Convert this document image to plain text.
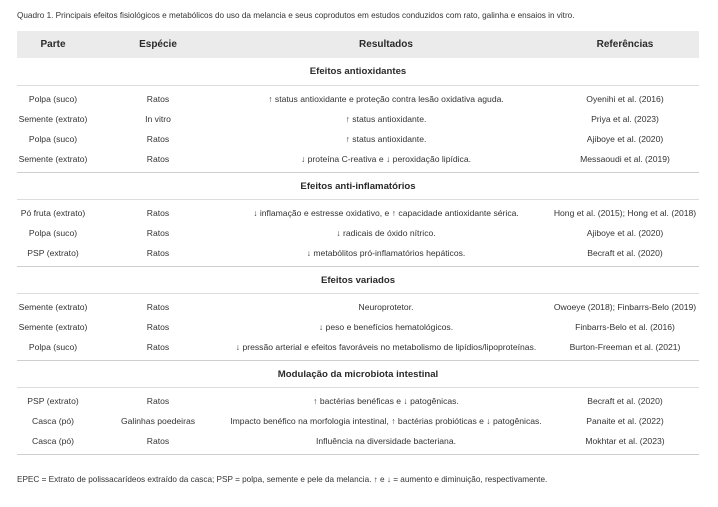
Quadro 1. Principais efeitos fisiológicos e metabólicos do uso da melancia e seus coprodutos em estudos conduzidos com rato, galinha e ensaios in vitro.
Parte	Espécie	Resultados	Referências
Efeitos antioxidantes
Polpa (suco)	Ratos	↑ status antioxidante e proteção contra lesão oxidativa aguda.	Oyenihi et al. (2016)
Semente (extrato)	In vitro	↑ status antioxidante.	Priya et al. (2023)
Polpa (suco)	Ratos	↑ status antioxidante.	Ajiboye et al. (2020)
Semente (extrato)	Ratos	↓ proteína C-reativa e ↓ peroxidação lipídica.	Messaoudi et al. (2019)
Efeitos anti-inflamatórios
Pó fruta (extrato)	Ratos	↓ inflamação e estresse oxidativo, e ↑ capacidade antioxidante sérica.	Hong et al. (2015); Hong et al. (2018)
Polpa (suco)	Ratos	↓ radicais de óxido nítrico.	Ajiboye et al. (2020)
PSP (extrato)	Ratos	↓ metabólitos pró-inflamatórios hepáticos.	Becraft et al. (2020)
Efeitos variados
Semente (extrato)	Ratos	Neuroprotetor.	Owoeye (2018); Finbarrs-Belo (2019)
Semente (extrato)	Ratos	↓ peso e benefícios hematológicos.	Finbarrs-Belo et al. (2016)
Polpa (suco)	Ratos	↓ pressão arterial e efeitos favoráveis no metabolismo de lipídios/lipoproteínas.	Burton-Freeman et al. (2021)
Modulação da microbiota intestinal
PSP (extrato)	Ratos	↑ bactérias benéficas e ↓ patogênicas.	Becraft et al. (2020)
Casca (pó)	Galinhas poedeiras	Impacto benéfico na morfologia intestinal, ↑ bactérias probióticas e ↓ patogênicas.	Panaite et al. (2022)
Casca (pó)	Ratos	Influência na diversidade bacteriana.	Mokhtar et al. (2023)
EPEC = Extrato de polissacarídeos extraído da casca; PSP = polpa, semente e pele da melancia. ↑ e ↓ = aumento e diminuição, respectivamente.
